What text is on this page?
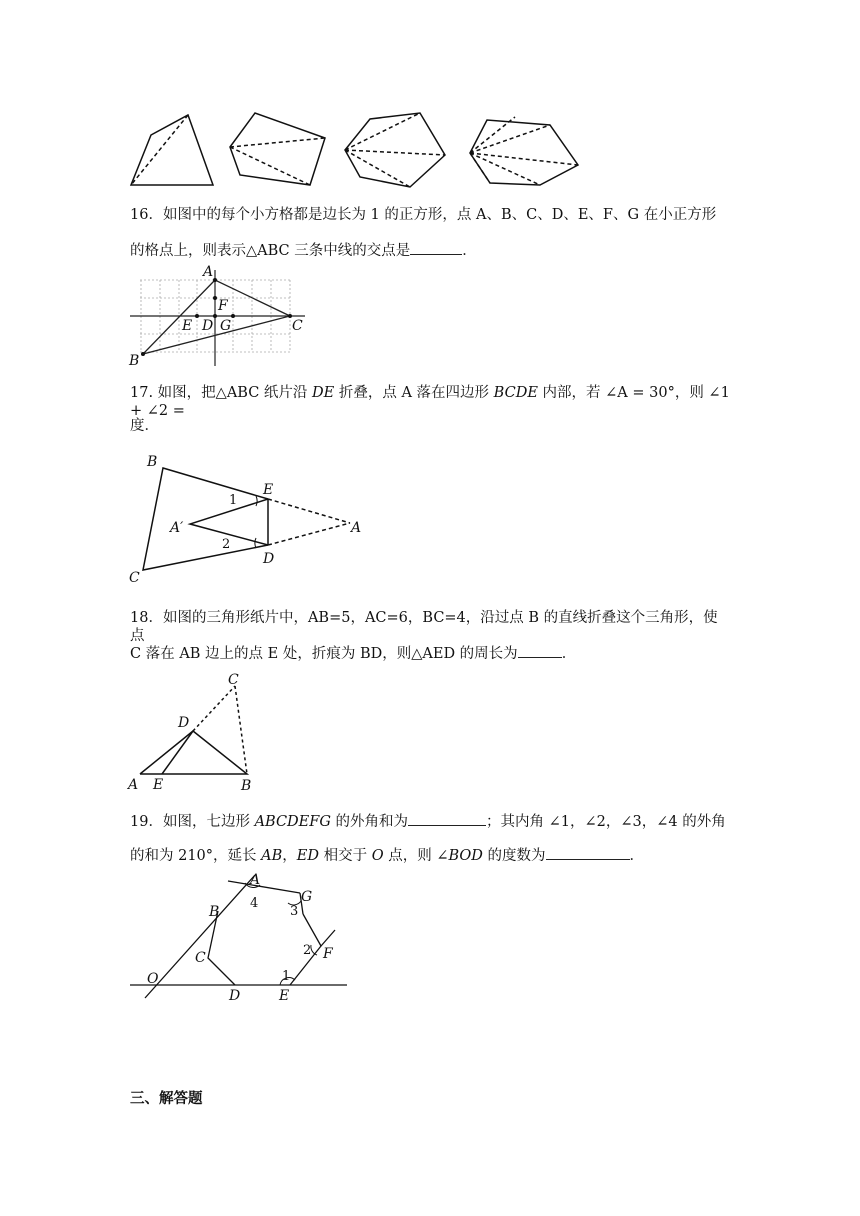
16．如图中的每个小方格都是边长为 1 的正方形，点 A、B、C、D、E、F、G 在小正方形
的格点上，则表示△ABC 三条中线的交点是	．
A
B
C
D
E
F
G
17. 如图，把△ABC 纸片沿 DE 折叠，点 A 落在四边形 BCDE 内部，若 ∠A = 30°，则 ∠1 + ∠2 =
度．
B
C
E
D
A
A′
1
2
18．如图的三角形纸片中，AB=5，AC=6，BC=4，沿过点 B 的直线折叠这个三角形，使点
C 落在 AB 边上的点 E 处，折痕为 BD，则△AED 的周长为	．
C
D
A E	B
19．如图，七边形 ABCDEFG 的外角和为	；其内角 ∠1，∠2，∠3，∠4 的外角
的和为 210°，延长 AB，ED 相交于 O 点，则 ∠BOD 的度数为	．
A
B
C
D	E
F
G
O	1
2
3
4
三、解答题
